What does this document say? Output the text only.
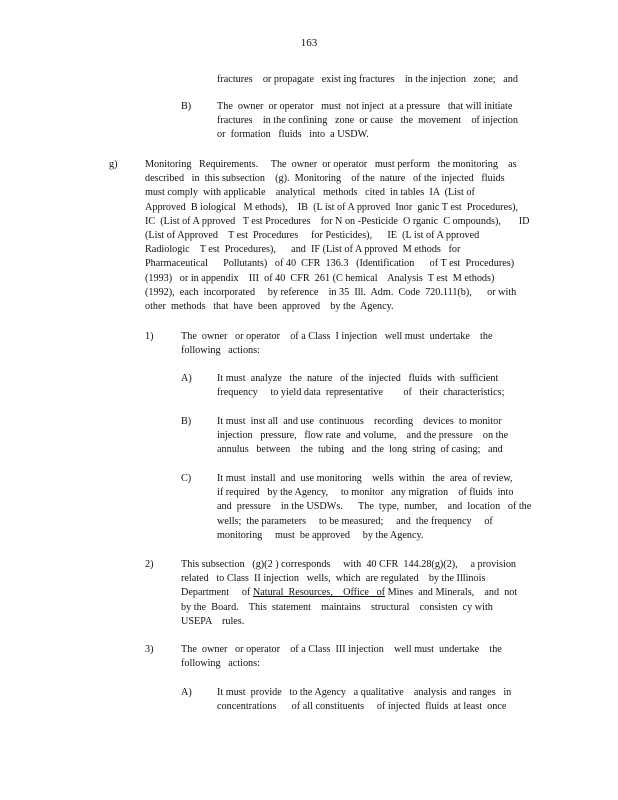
163
fractures    or propagate   exist ing fractures    in the injection   zone;   and
B)	The  owner  or operator   must  not inject  at a pressure   that will initiate
fractures    in the confining   zone  or cause   the  movement    of injection
or  formation   fluids   into  a USDW.
g)	Monitoring   Requirements.     The  owner  or operator   must perform   the monitoring    as
described   in  this subsection    (g).  Monitoring    of the  nature   of the  injected   fluids
must comply  with applicable    analytical   methods   cited  in tables  IA  (List of
Approved  B iological   M ethods),    IB  (L ist of A pproved  Inor  ganic T est  Procedures),
IC  (List of A pproved   T est Procedures    for N on -Pesticide  O rganic  C ompounds),       ID
(List of Approved    T est  Procedures     for Pesticides),      IE  (L ist of A pproved
Radiologic    T est  Procedures),      and  IF (List of A pproved  M ethods   for
Pharmaceutical      Pollutants)   of 40  CFR  136.3   (Identification      of T est  Procedures)
(1993)   or in appendix    III  of 40  CFR  261 (C hemical    Analysis  T est  M ethods)
(1992),  each  incorporated     by reference    in 35  Ill.  Adm.  Code  720.111(b),      or with
other  methods   that  have  been  approved    by the  Agency.
1)	The  owner   or operator    of a Class  I injection   well must  undertake    the
following   actions:
A) It must  analyze   the  nature   of the  injected   fluids  with  sufficient
frequency     to yield data  representative        of   their  characteristics;
B)	It must  inst all  and use  continuous    recording    devices  to monitor
injection   pressure,   flow rate  and volume,    and the pressure    on the
annulus   between    the  tubing   and  the  long  string  of casing;   and
C)	It must  install  and  use monitoring    wells  within   the  area  of review,
if required   by the Agency,     to monitor   any migration    of fluids  into
and  pressure    in the USDWs.      The  type,  number,    and  location   of the
wells;  the parameters     to be measured;     and  the frequency     of
monitoring     must  be approved     by the Agency.
2)	This subsection   (g)(2 ) corresponds     with  40 CFR  144.28(g)(2),     a provision
related   to Class  II injection   wells,  which  are regulated    by the Illinois
Department     of Natural  Resources,    Office   of Mines  and Minerals,    and  not
by the  Board.    This  statement    maintains    structural    consisten  cy with
USEPA    rules.
3)	The  owner   or operator    of a Class  III injection    well must  undertake    the
following   actions:
A) It must  provide   to the Agency   a qualitative    analysis  and ranges   in
concentrations      of all constituents     of injected  fluids  at least  once
